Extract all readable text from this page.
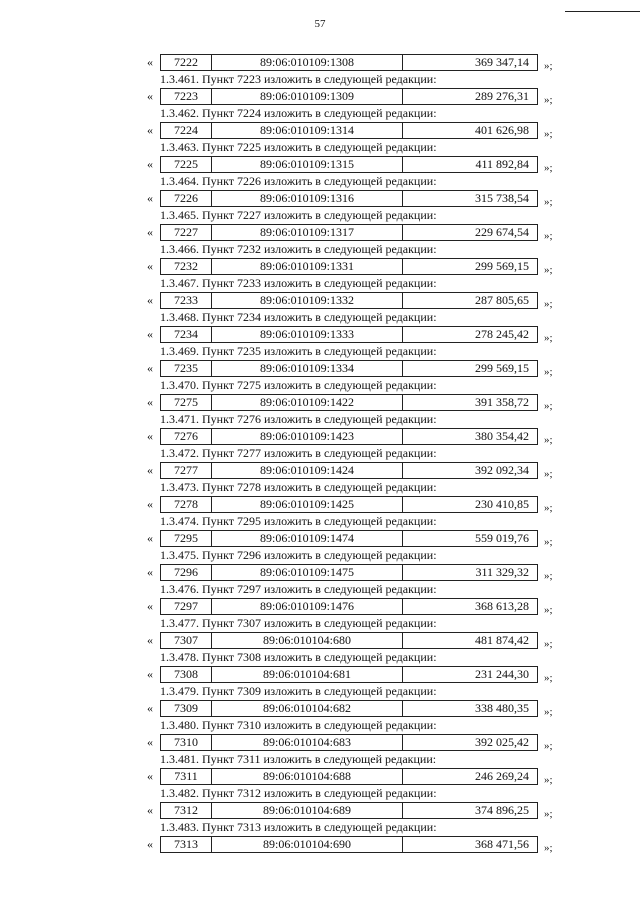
57
«	7222	89:06:010109:1308	369 347,14	»;
1.3.461. Пункт 7223 изложить в следующей редакции:
«	7223	89:06:010109:1309	289 276,31	»;
1.3.462. Пункт 7224 изложить в следующей редакции:
«	7224	89:06:010109:1314	401 626,98	»;
1.3.463. Пункт 7225 изложить в следующей редакции:
«	7225	89:06:010109:1315	411 892,84	»;
1.3.464. Пункт 7226 изложить в следующей редакции:
«	7226	89:06:010109:1316	315 738,54	»;
1.3.465. Пункт 7227 изложить в следующей редакции:
«	7227	89:06:010109:1317	229 674,54	»;
1.3.466. Пункт 7232 изложить в следующей редакции:
«	7232	89:06:010109:1331	299 569,15	»;
1.3.467. Пункт 7233 изложить в следующей редакции:
«	7233	89:06:010109:1332	287 805,65	»;
1.3.468. Пункт 7234 изложить в следующей редакции:
«	7234	89:06:010109:1333	278 245,42	»;
1.3.469. Пункт 7235 изложить в следующей редакции:
«	7235	89:06:010109:1334	299 569,15	»;
1.3.470. Пункт 7275 изложить в следующей редакции:
«	7275	89:06:010109:1422	391 358,72	»;
1.3.471. Пункт 7276 изложить в следующей редакции:
«	7276	89:06:010109:1423	380 354,42	»;
1.3.472. Пункт 7277 изложить в следующей редакции:
«	7277	89:06:010109:1424	392 092,34	»;
1.3.473. Пункт 7278 изложить в следующей редакции:
«	7278	89:06:010109:1425	230 410,85	»;
1.3.474. Пункт 7295 изложить в следующей редакции:
«	7295	89:06:010109:1474	559 019,76	»;
1.3.475. Пункт 7296 изложить в следующей редакции:
«	7296	89:06:010109:1475	311 329,32	»;
1.3.476. Пункт 7297 изложить в следующей редакции:
«	7297	89:06:010109:1476	368 613,28	»;
1.3.477. Пункт 7307 изложить в следующей редакции:
«	7307	89:06:010104:680	481 874,42	»;
1.3.478. Пункт 7308 изложить в следующей редакции:
«	7308	89:06:010104:681	231 244,30	»;
1.3.479. Пункт 7309 изложить в следующей редакции:
«	7309	89:06:010104:682	338 480,35	»;
1.3.480. Пункт 7310 изложить в следующей редакции:
«	7310	89:06:010104:683	392 025,42	»;
1.3.481. Пункт 7311 изложить в следующей редакции:
«	7311	89:06:010104:688	246 269,24	»;
1.3.482. Пункт 7312 изложить в следующей редакции:
«	7312	89:06:010104:689	374 896,25	»;
1.3.483. Пункт 7313 изложить в следующей редакции:
«	7313	89:06:010104:690	368 471,56	»;
